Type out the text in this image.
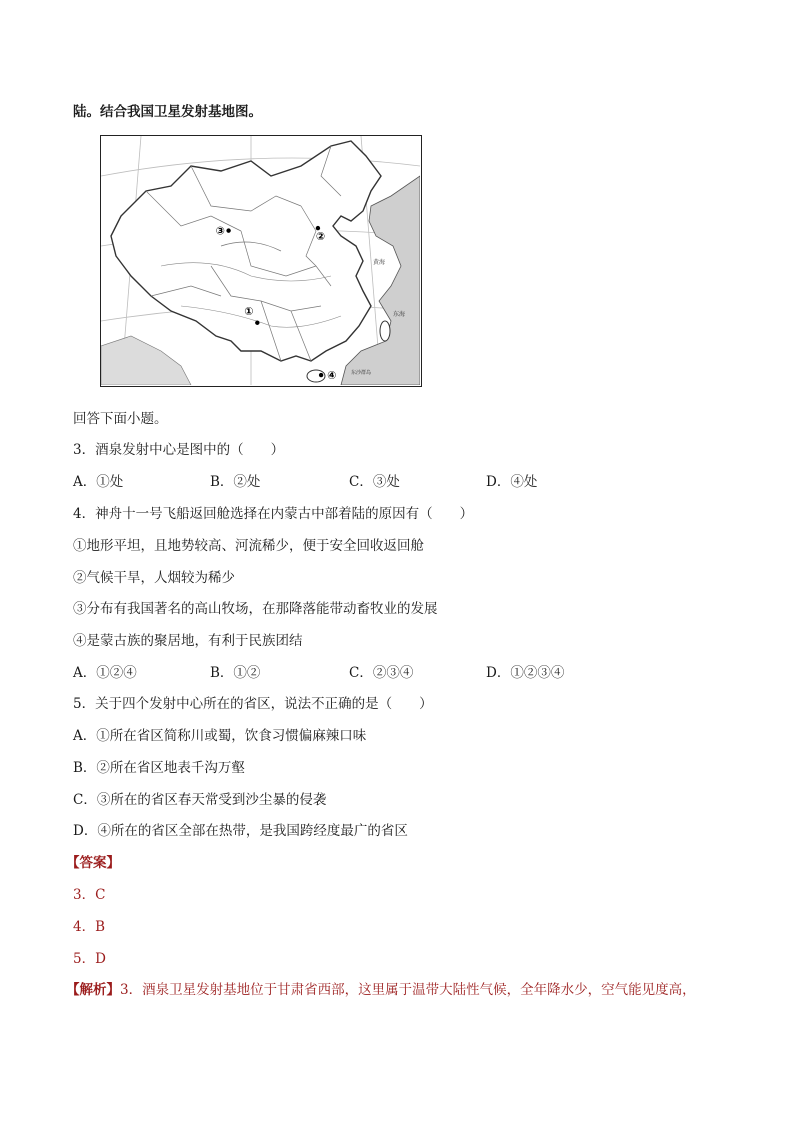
陆。结合我国卫星发射基地图。
黄海
东海
东沙群岛
①
②
③
④
回答下面小题。
3．酒泉发射中心是图中的（　　）
A．①处	B．②处	C．③处	D．④处
4．神舟十一号飞船返回舱选择在内蒙古中部着陆的原因有（　　）
①地形平坦，且地势较高、河流稀少，便于安全回收返回舱
②气候干旱，人烟较为稀少
③分布有我国著名的高山牧场，在那降落能带动畜牧业的发展
④是蒙古族的聚居地，有利于民族团结
A．①②④	B．①②	C．②③④	D．①②③④
5．关于四个发射中心所在的省区，说法不正确的是（　　）
A．①所在省区简称川或蜀，饮食习惯偏麻辣口味
B．②所在省区地表千沟万壑
C．③所在的省区春天常受到沙尘暴的侵袭
D．④所在的省区全部在热带，是我国跨经度最广的省区
【答案】
3．C
4．B
5．D
【解析】3．酒泉卫星发射基地位于甘肃省西部，这里属于温带大陆性气候，全年降水少，空气能见度高，
